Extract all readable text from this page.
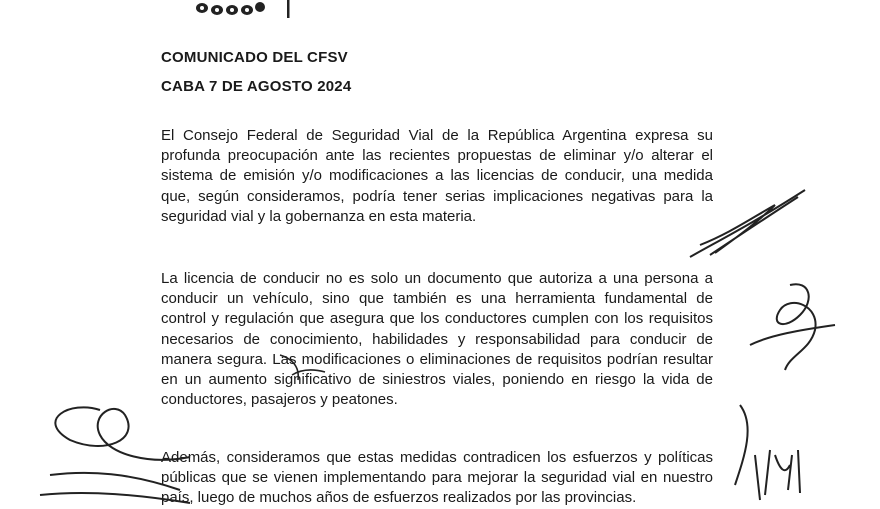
COMUNICADO DEL CFSV
CABA 7 DE AGOSTO 2024
El Consejo Federal de Seguridad Vial de la República Argentina expresa su
profunda preocupación ante las recientes propuestas de eliminar y/o alterar el
sistema de emisión y/o modificaciones a las licencias de conducir, una medida
que, según consideramos, podría tener serias implicaciones negativas para la
seguridad vial y la gobernanza en esta materia.
La licencia de conducir no es solo un documento que autoriza a una persona a
conducir un vehículo, sino que también es una herramienta fundamental de
control y regulación que asegura que los conductores cumplen con los requisitos
necesarios de conocimiento, habilidades y responsabilidad para conducir de
manera segura. Las modificaciones o eliminaciones de requisitos podrían resultar
en un aumento significativo de siniestros viales, poniendo en riesgo la vida de
conductores, pasajeros y peatones.
Además, consideramos que estas medidas contradicen los esfuerzos y políticas
públicas que se vienen implementando para mejorar la seguridad vial en nuestro
país, luego de muchos años de esfuerzos realizados por las provincias.
